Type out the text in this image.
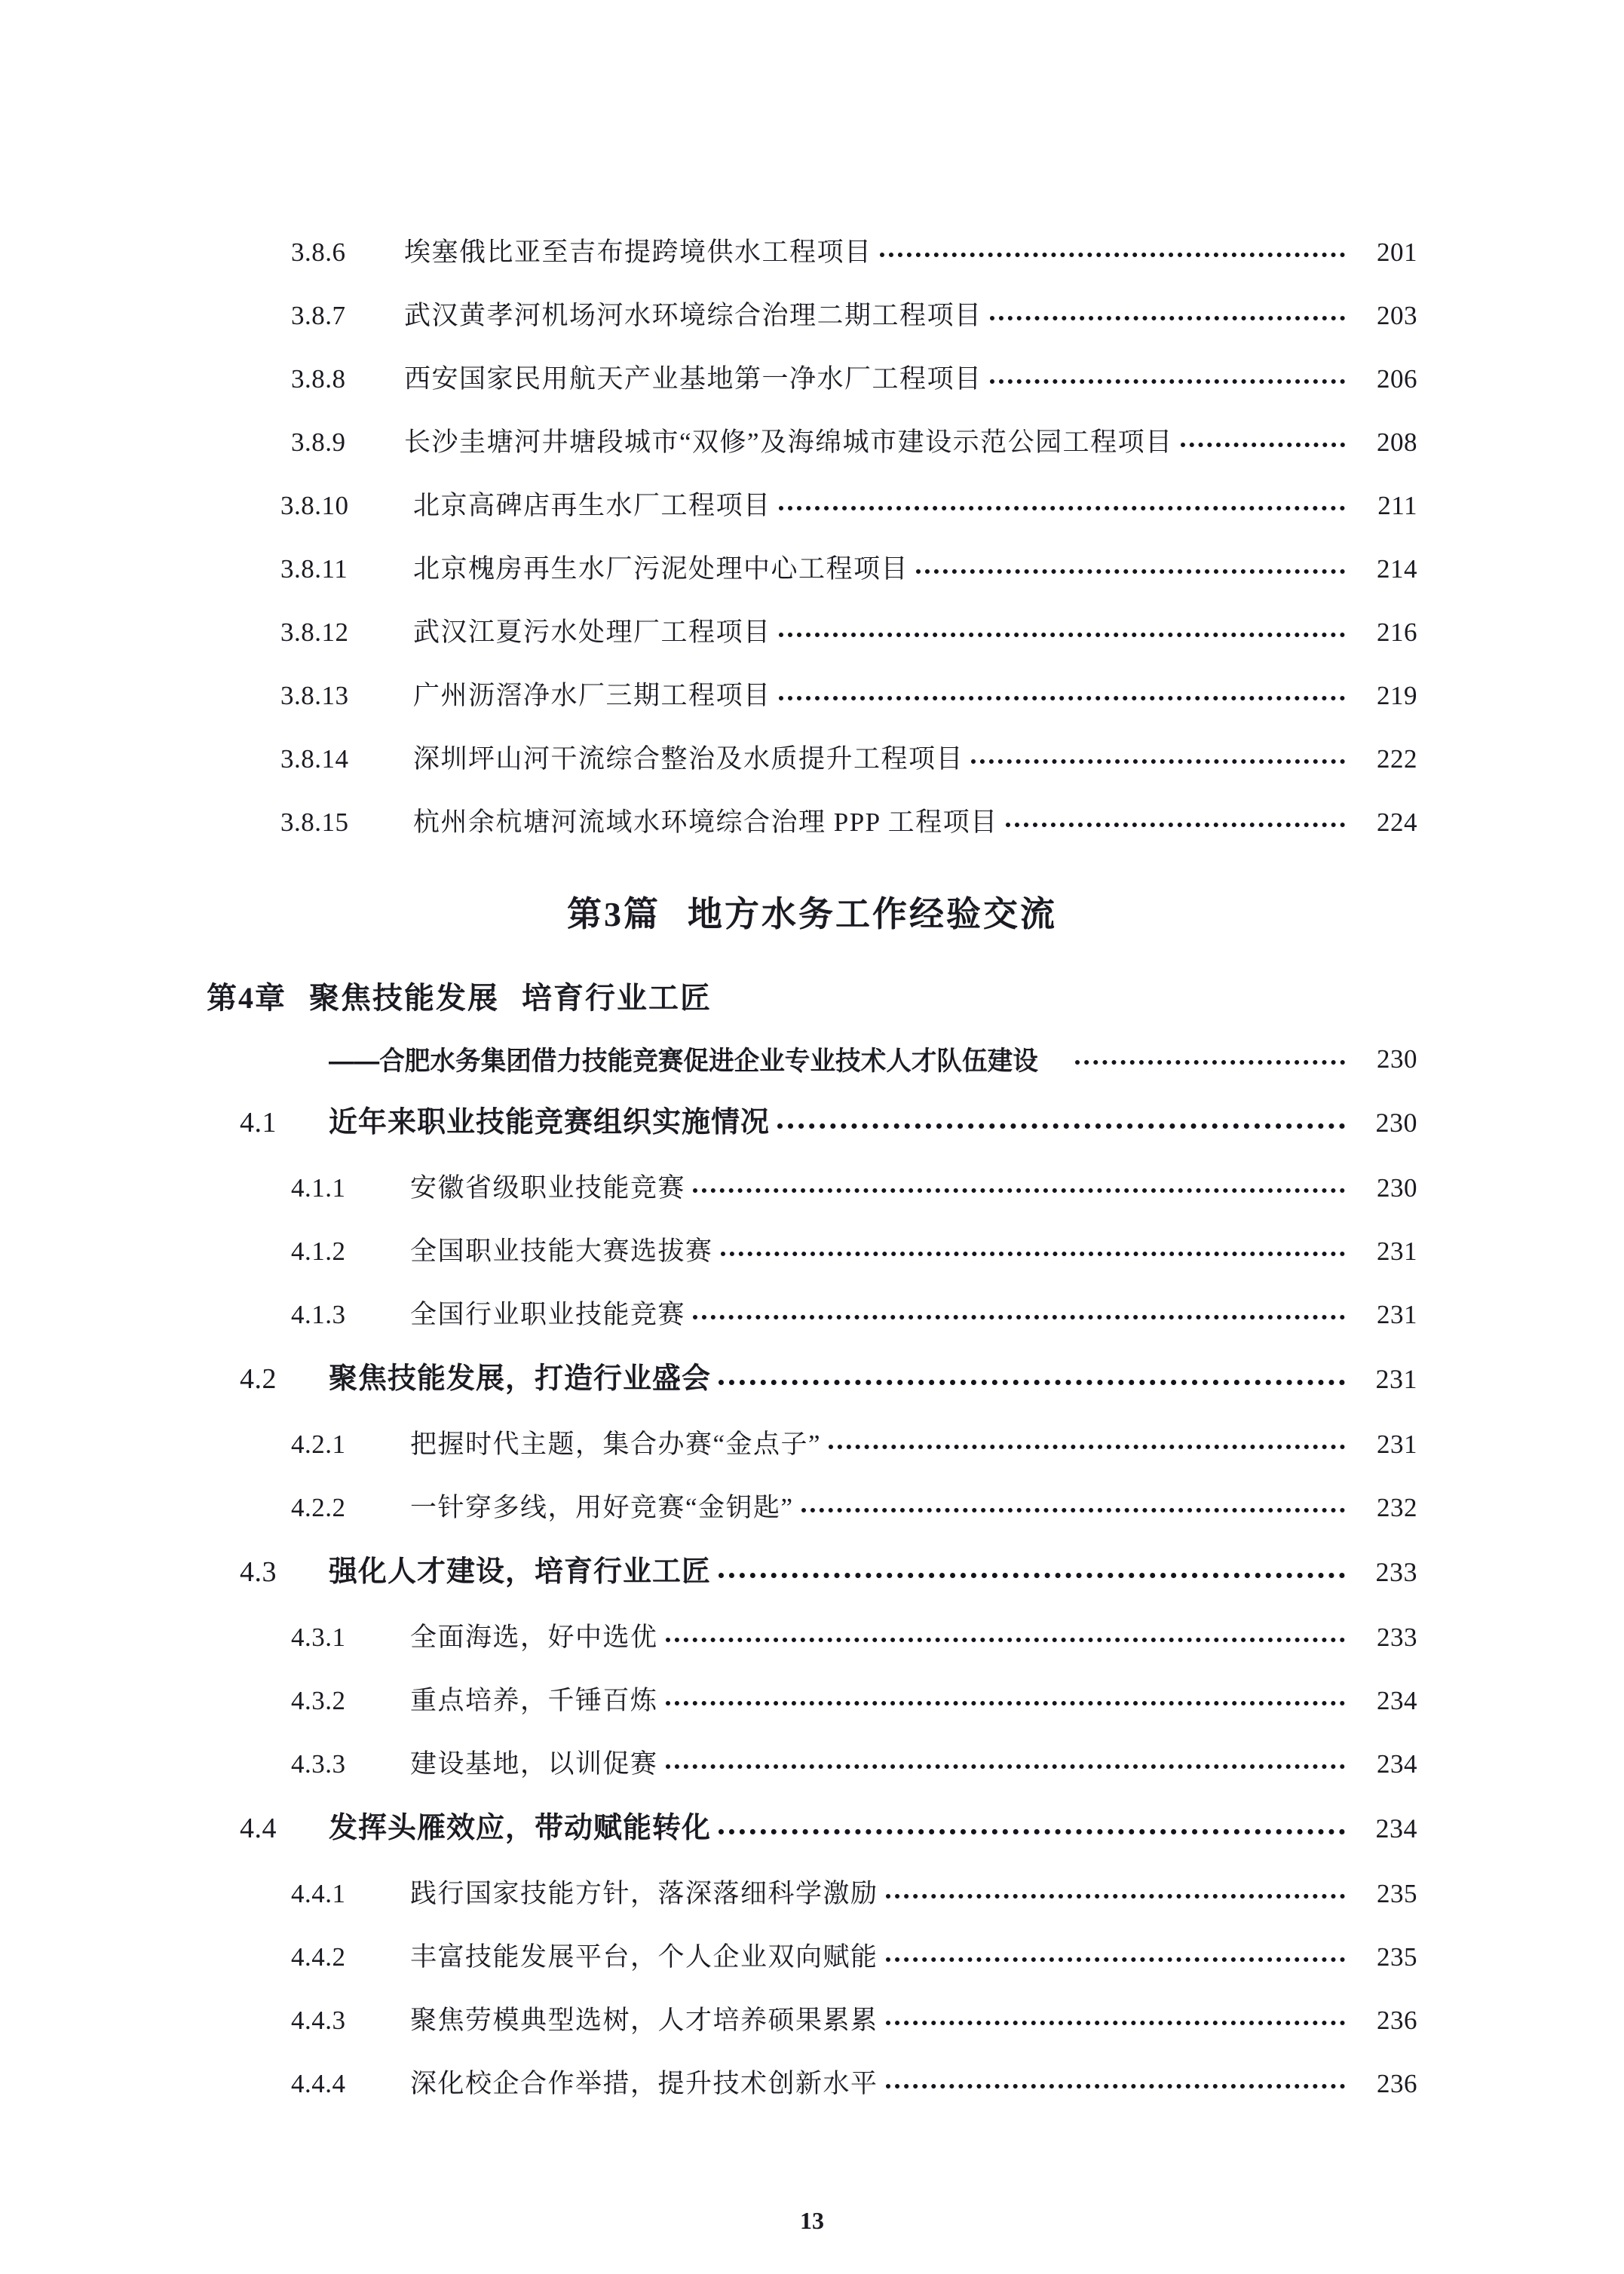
3.8.6	埃塞俄比亚至吉布提跨境供水工程项目	201
3.8.7	武汉黄孝河机场河水环境综合治理二期工程项目	203
3.8.8	西安国家民用航天产业基地第一净水厂工程项目	206
3.8.9	长沙圭塘河井塘段城市“双修”及海绵城市建设示范公园工程项目	208
3.8.10	北京高碑店再生水厂工程项目	211
3.8.11	北京槐房再生水厂污泥处理中心工程项目	214
3.8.12	武汉江夏污水处理厂工程项目	216
3.8.13	广州沥滘净水厂三期工程项目	219
3.8.14	深圳坪山河干流综合整治及水质提升工程项目	222
3.8.15	杭州余杭塘河流域水环境综合治理 PPP 工程项目	224
第3篇 地方水务工作经验交流
第4章 聚焦技能发展 培育行业工匠
——合肥水务集团借力技能竞赛促进企业专业技术人才队伍建设	230
4.1	近年来职业技能竞赛组织实施情况	230
4.1.1	安徽省级职业技能竞赛	230
4.1.2	全国职业技能大赛选拔赛	231
4.1.3	全国行业职业技能竞赛	231
4.2	聚焦技能发展，打造行业盛会	231
4.2.1	把握时代主题，集合办赛“金点子”	231
4.2.2	一针穿多线，用好竞赛“金钥匙”	232
4.3	强化人才建设，培育行业工匠	233
4.3.1	全面海选，好中选优	233
4.3.2	重点培养，千锤百炼	234
4.3.3	建设基地，以训促赛	234
4.4	发挥头雁效应，带动赋能转化	234
4.4.1	践行国家技能方针，落深落细科学激励	235
4.4.2	丰富技能发展平台，个人企业双向赋能	235
4.4.3	聚焦劳模典型选树，人才培养硕果累累	236
4.4.4	深化校企合作举措，提升技术创新水平	236
13
